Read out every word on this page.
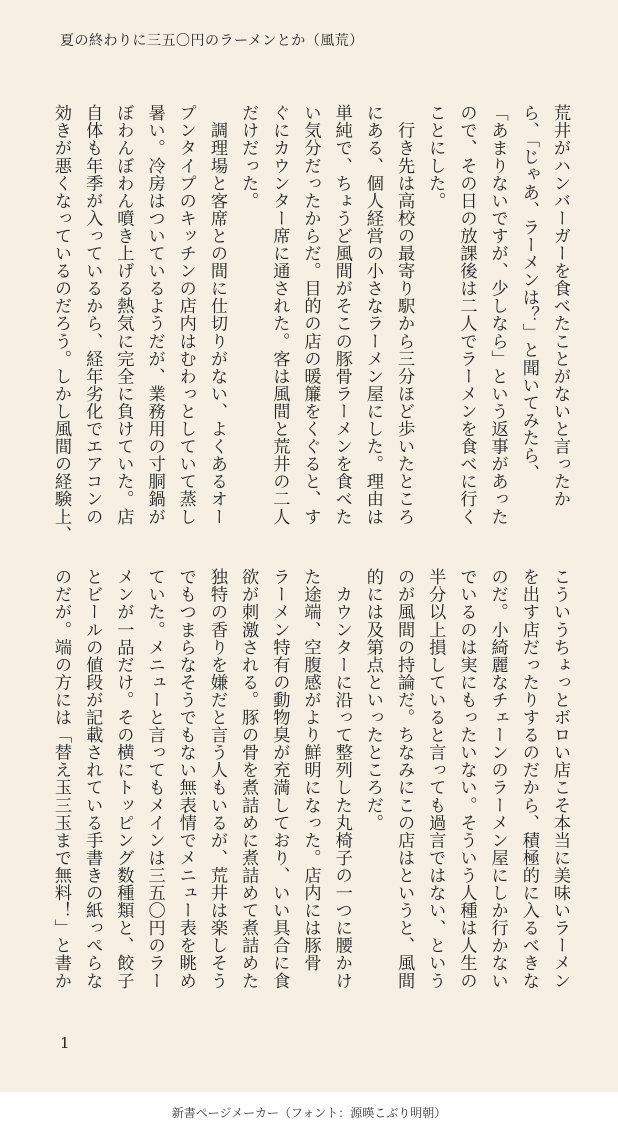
夏の終わりに三五〇円のラーメンとか（風荒）
荒井がハンバーガーを食べたことがないと言ったか
ら、「じゃあ、ラーメンは？」と聞いてみたら、
「あまりないですが、少しなら」という返事があった
ので、その日の放課後は二人でラーメンを食べに行く
ことにした。
　行き先は高校の最寄り駅から三分ほど歩いたところ
にある、個人経営の小さなラーメン屋にした。理由は
単純で、ちょうど風間がそこの豚骨ラーメンを食べた
い気分だったからだ。目的の店の暖簾をくぐると、す
ぐにカウンター席に通された。客は風間と荒井の二人
だけだった。
　調理場と客席との間に仕切りがない、よくあるオー
プンタイプのキッチンの店内はむわっとしていて蒸し
暑い。冷房はついているようだが、業務用の寸胴鍋が
ぼわんぼわん噴き上げる熱気に完全に負けていた。店
自体も年季が入っているから、経年劣化でエアコンの
効きが悪くなっているのだろう。しかし風間の経験上、
こういうちょっとボロい店こそ本当に美味いラーメン
を出す店だったりするのだから、積極的に入るべきな
のだ。小綺麗なチェーンのラーメン屋にしか行かない
でいるのは実にもったいない。そういう人種は人生の
半分以上損していると言っても過言ではない、という
のが風間の持論だ。ちなみにこの店はというと、風間
的には及第点といったところだ。
　カウンターに沿って整列した丸椅子の一つに腰かけ
た途端、空腹感がより鮮明になった。店内には豚骨
ラーメン特有の動物臭が充満しており、いい具合に食
欲が刺激される。豚の骨を煮詰めに煮詰めて煮詰めた
独特の香りを嫌だと言う人もいるが、荒井は楽しそう
でもつまらなそうでもない無表情でメニュー表を眺め
ていた。メニューと言ってもメインは三五〇円のラー
メンが一品だけ。その横にトッピング数種類と、餃子
とビールの値段が記載されている手書きの紙っぺらな
のだが。端の方には「替え玉三玉まで無料！」と書か
1
新書ページメーカー（フォント：源暎こぶり明朝）
